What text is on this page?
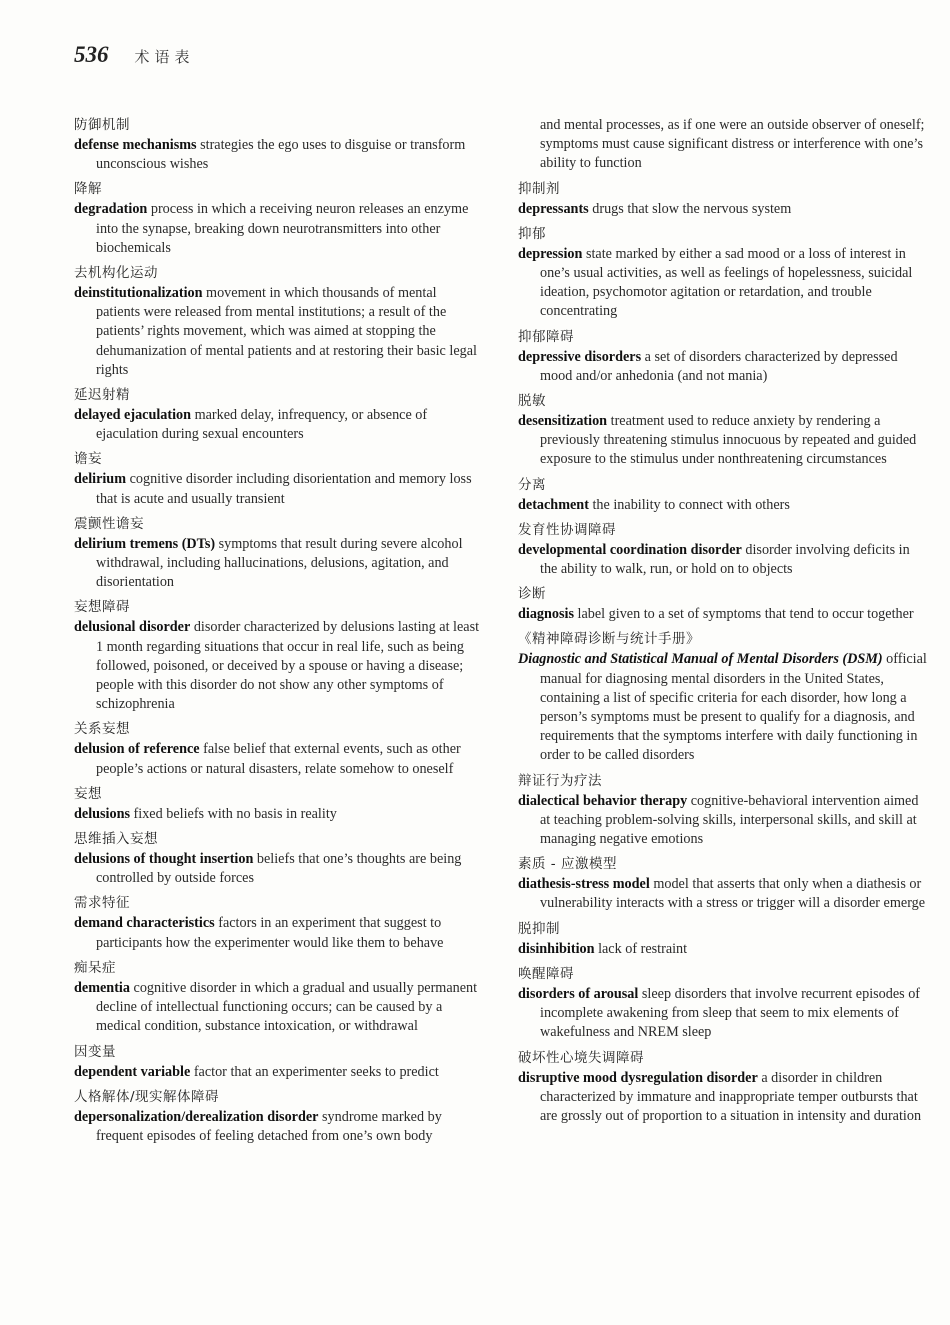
536 术语表
防御机制
defense mechanisms strategies the ego uses to disguise or transform unconscious wishes
降解
degradation process in which a receiving neuron releases an enzyme into the synapse, breaking down neurotransmitters into other biochemicals
去机构化运动
deinstitutionalization movement in which thousands of mental patients were released from mental institutions; a result of the patients’ rights movement, which was aimed at stopping the dehumanization of mental patients and at restoring their basic legal rights
延迟射精
delayed ejaculation marked delay, infrequency, or absence of ejaculation during sexual encounters
谵妄
delirium cognitive disorder including disorientation and memory loss that is acute and usually transient
震颤性谵妄
delirium tremens (DTs) symptoms that result during severe alcohol withdrawal, including hallucinations, delusions, agitation, and disorientation
妄想障碍
delusional disorder disorder characterized by delusions lasting at least 1 month regarding situations that occur in real life, such as being followed, poisoned, or deceived by a spouse or having a disease; people with this disorder do not show any other symptoms of schizophrenia
关系妄想
delusion of reference false belief that external events, such as other people’s actions or natural disasters, relate somehow to oneself
妄想
delusions fixed beliefs with no basis in reality
思维插入妄想
delusions of thought insertion beliefs that one’s thoughts are being controlled by outside forces
需求特征
demand characteristics factors in an experiment that suggest to participants how the experimenter would like them to behave
痴呆症
dementia cognitive disorder in which a gradual and usually permanent decline of intellectual functioning occurs; can be caused by a medical condition, substance intoxication, or withdrawal
因变量
dependent variable factor that an experimenter seeks to predict
人格解体/现实解体障碍
depersonalization/derealization disorder syndrome marked by frequent episodes of feeling detached from one’s own body
and mental processes, as if one were an outside observer of oneself; symptoms must cause significant distress or interference with one’s ability to function
抑制剂
depressants drugs that slow the nervous system
抑郁
depression state marked by either a sad mood or a loss of interest in one’s usual activities, as well as feelings of hopelessness, suicidal ideation, psychomotor agitation or retardation, and trouble concentrating
抑郁障碍
depressive disorders a set of disorders characterized by depressed mood and/or anhedonia (and not mania)
脱敏
desensitization treatment used to reduce anxiety by rendering a previously threatening stimulus innocuous by repeated and guided exposure to the stimulus under nonthreatening circumstances
分离
detachment the inability to connect with others
发育性协调障碍
developmental coordination disorder disorder involving deficits in the ability to walk, run, or hold on to objects
诊断
diagnosis label given to a set of symptoms that tend to occur together
《精神障碍诊断与统计手册》
Diagnostic and Statistical Manual of Mental Disorders (DSM) official manual for diagnosing mental disorders in the United States, containing a list of specific criteria for each disorder, how long a person’s symptoms must be present to qualify for a diagnosis, and requirements that the symptoms interfere with daily functioning in order to be called disorders
辩证行为疗法
dialectical behavior therapy cognitive-behavioral intervention aimed at teaching problem-solving skills, interpersonal skills, and skill at managing negative emotions
素质 - 应激模型
diathesis-stress model model that asserts that only when a diathesis or vulnerability interacts with a stress or trigger will a disorder emerge
脱抑制
disinhibition lack of restraint
唤醒障碍
disorders of arousal sleep disorders that involve recurrent episodes of incomplete awakening from sleep that seem to mix elements of wakefulness and NREM sleep
破坏性心境失调障碍
disruptive mood dysregulation disorder a disorder in children characterized by immature and inappropriate temper outbursts that are grossly out of proportion to a situation in intensity and duration
